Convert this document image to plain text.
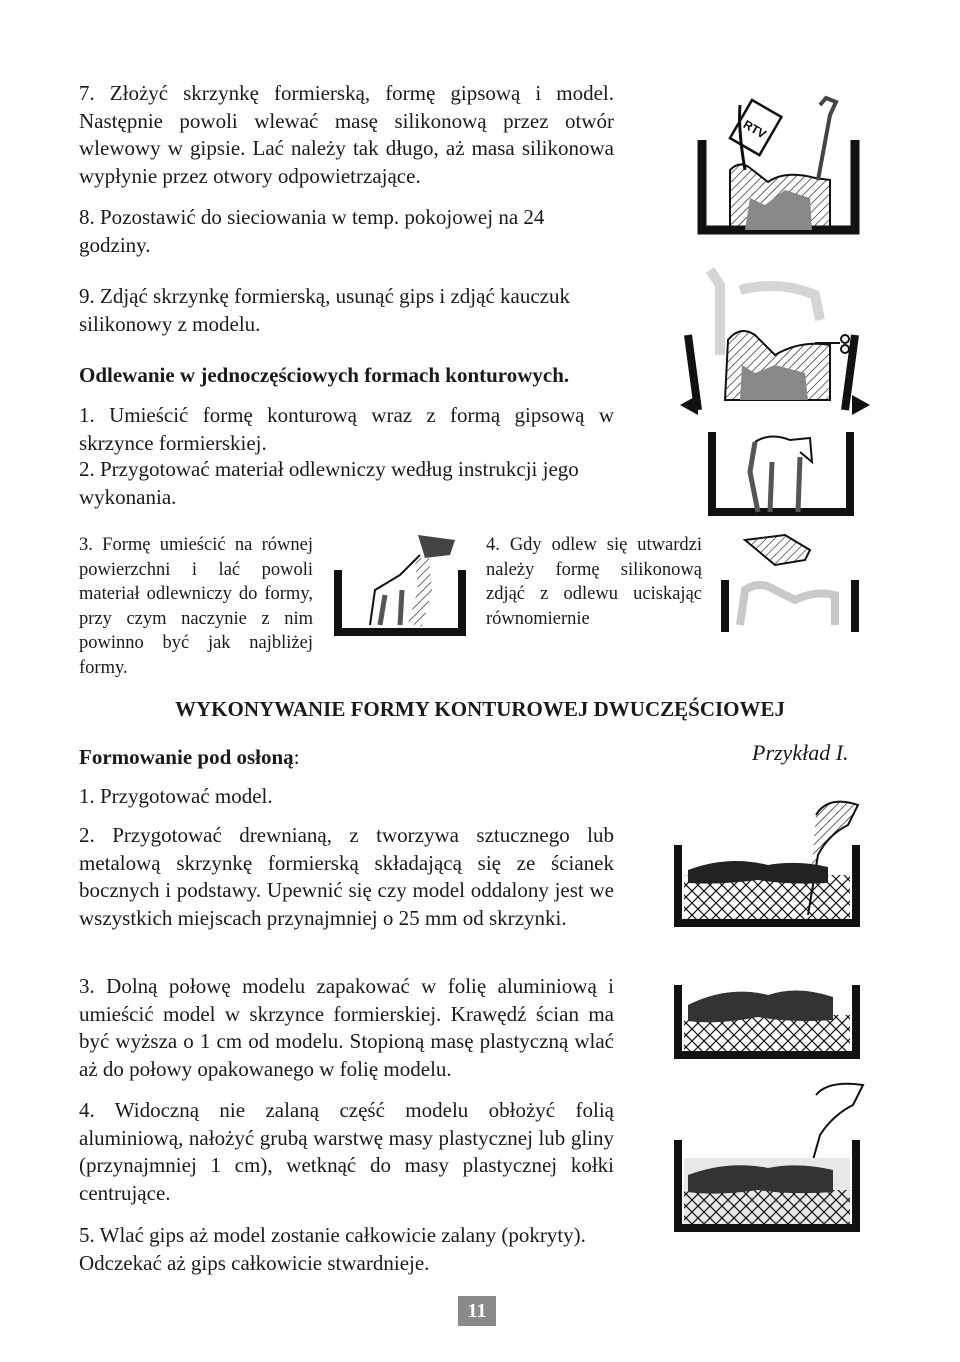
7. Złożyć skrzynkę formierską, formę gipsową i model. Następnie powoli wlewać masę silikonową przez otwór wlewowy w gipsie. Lać należy tak długo, aż masa silikonowa wypłynie przez otwory odpowietrzające.

8. Pozostawić do sieciowania w temp. pokojowej na 24 godziny.

9. Zdjąć skrzynkę formierską, usunąć gips i zdjąć kauczuk silikonowy z modelu.

Odlewanie w jednoczęściowych formach konturowych.

1. Umieścić formę konturową wraz z formą gipsową w skrzynce formierskiej.

2. Przygotować materiał odlewniczy według instrukcji jego wykonania.

3. Formę umieścić na równej powierzchni i lać powoli materiał odlewniczy do formy, przy czym naczynie z nim powinno być jak najbliżej formy.

4. Gdy odlew się utwardzi należy formę silikonową zdjąć z odlewu uciskając równomiernie

WYKONYWANIE FORMY KONTUROWEJ DWUCZĘŚCIOWEJ

Formowanie pod osłoną:	Przykład I.

1. Przygotować model.

2. Przygotować drewnianą, z tworzywa sztucznego lub metalową skrzynkę formierską składającą się ze ścianek bocznych i podstawy. Upewnić się czy model oddalony jest we wszystkich miejscach przynajmniej o 25 mm od skrzynki.

3. Dolną połowę modelu zapakować w folię aluminiową i umieścić model w skrzynce formierskiej. Krawędź ścian ma być wyższa o 1 cm od modelu. Stopioną masę plastyczną wlać aż do połowy opakowanego w folię modelu.

4. Widoczną nie zalaną część modelu obłożyć folią aluminiową, nałożyć grubą warstwę masy plastycznej lub gliny (przynajmniej 1 cm), wetknąć do masy plastycznej kołki centrujące.

5. Wlać gips aż model zostanie całkowicie zalany (pokryty). Odczekać aż gips całkowicie stwardnieje.

11
RTV
